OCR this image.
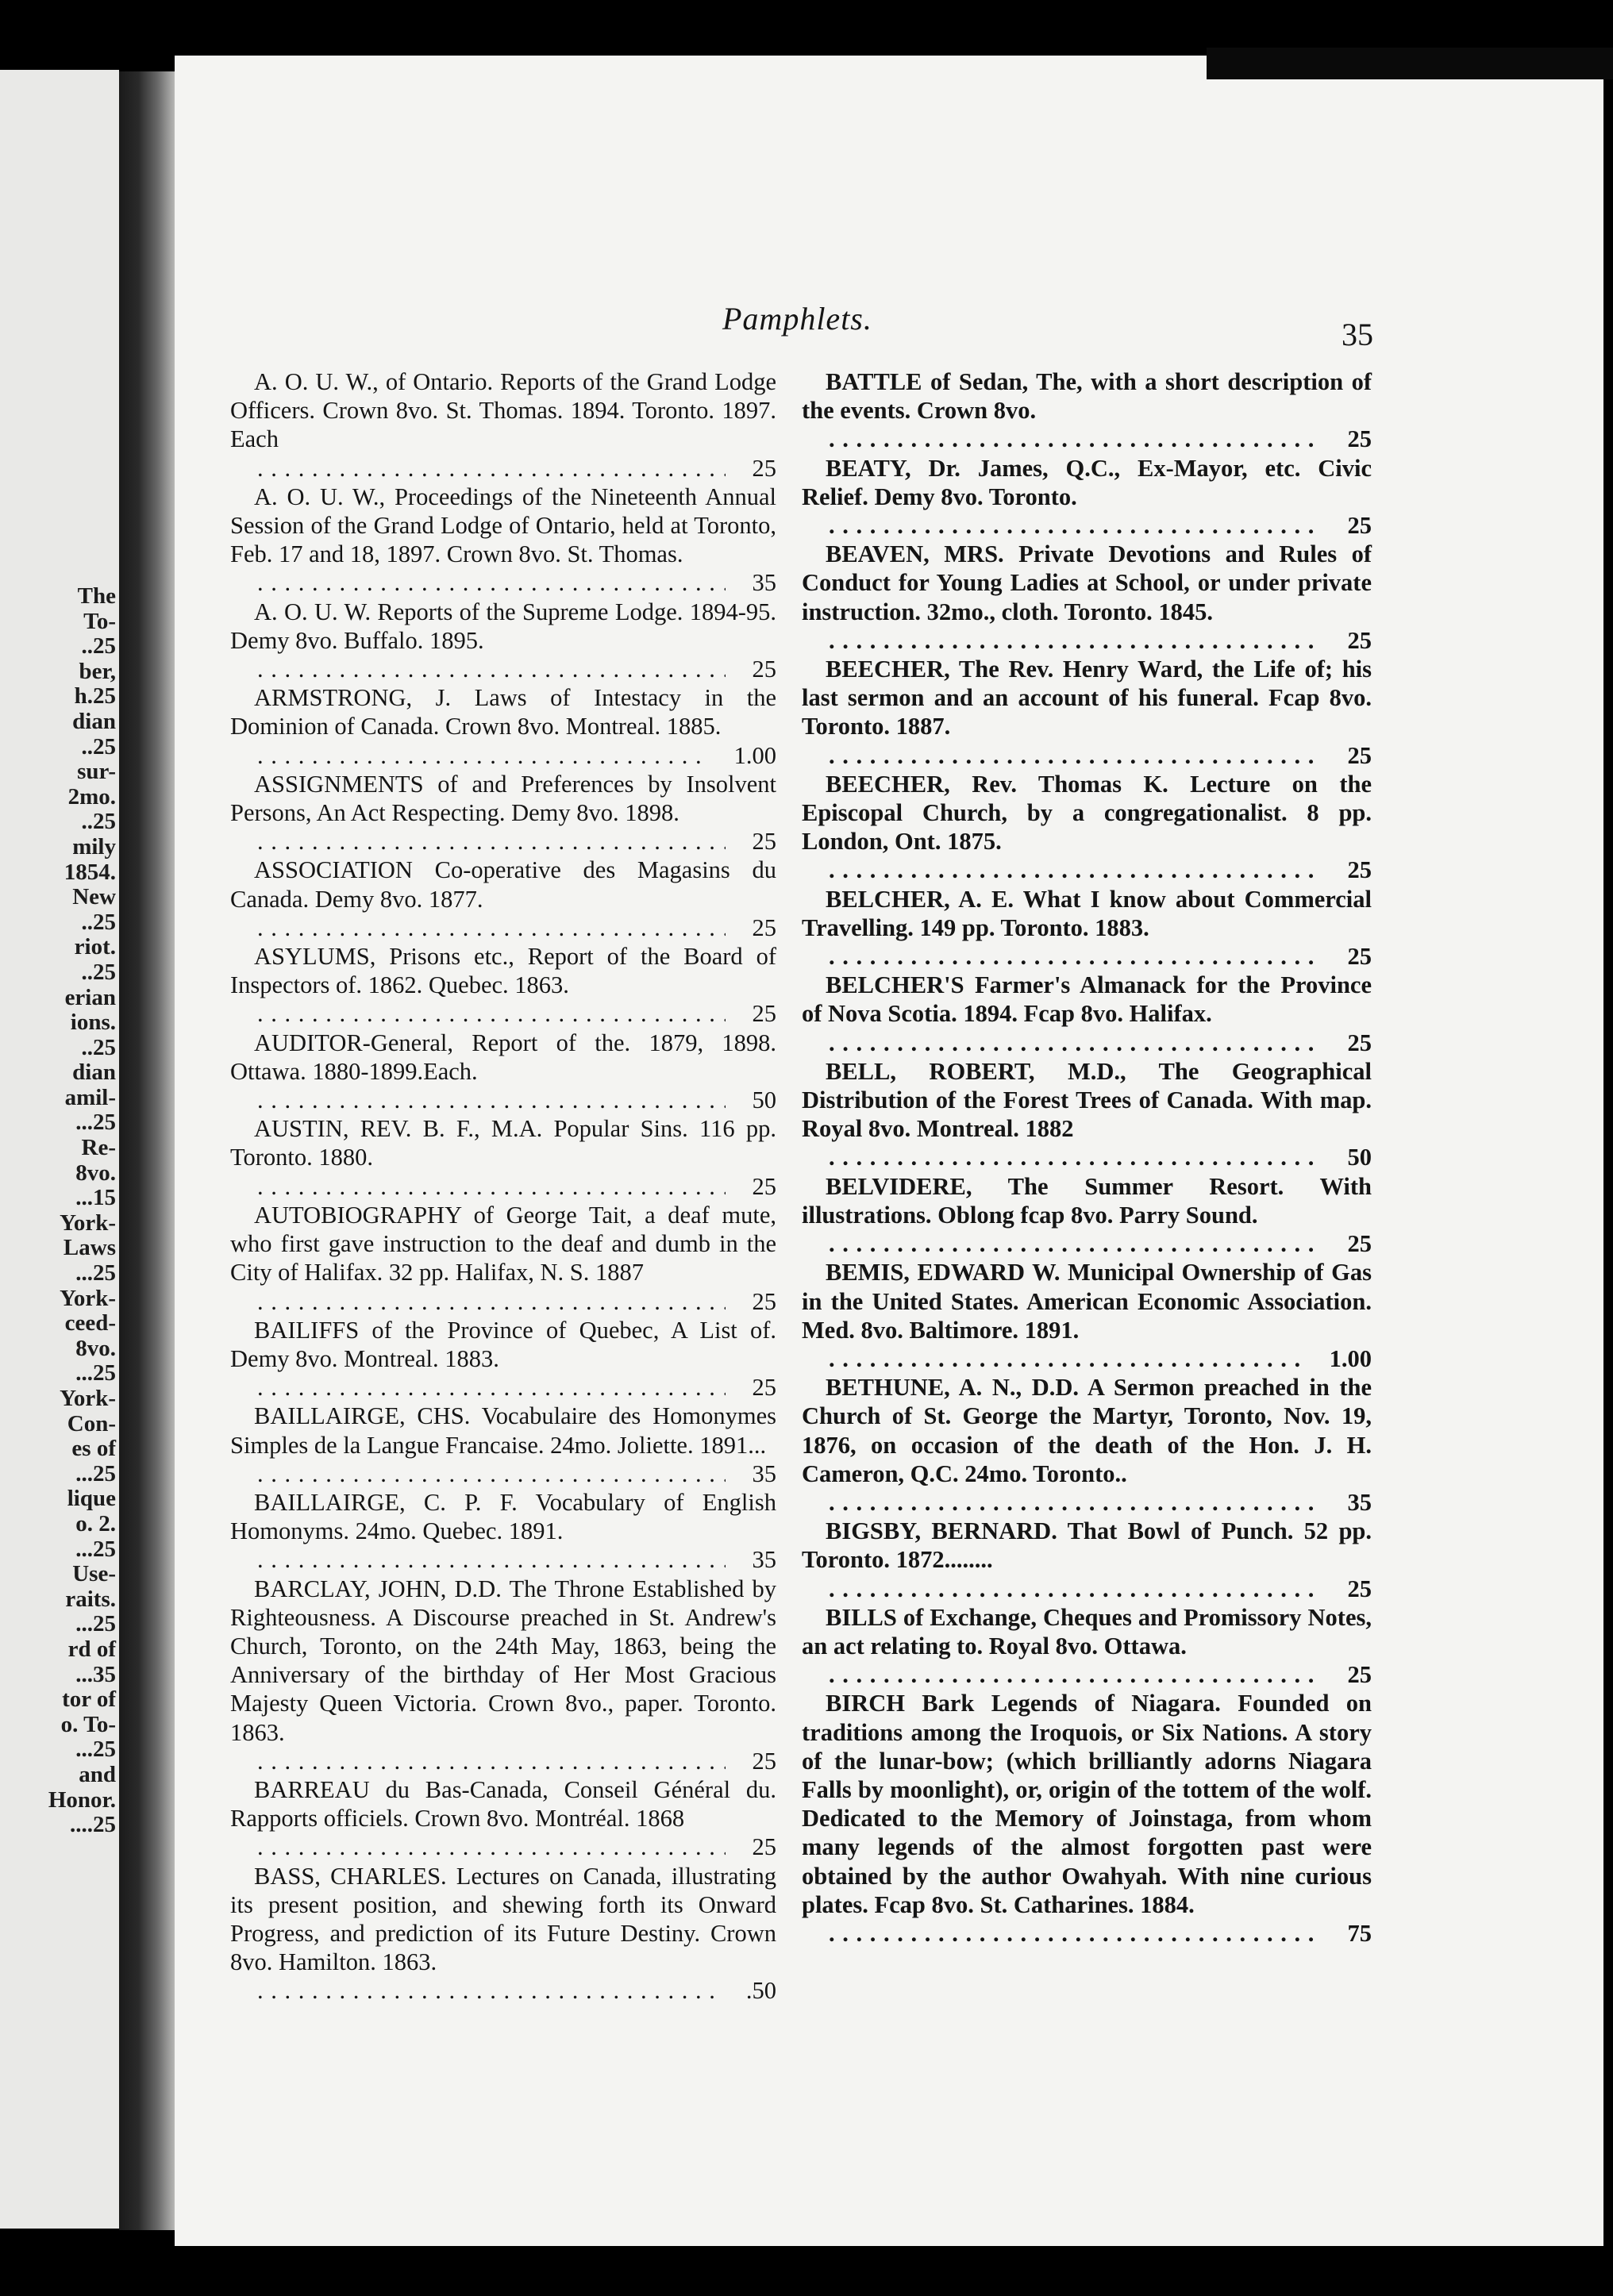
The
To-
..25
ber,
h.25
dian
..25
sur-
2mo.
..25
mily
1854.
New
..25
riot.
..25
erian
ions.
..25
dian
amil-
...25
Re-
8vo.
...15
York-
Laws
...25
York-
ceed-
8vo.
...25
York-
Con-
es of
...25
lique
o. 2.
...25
Use-
raits.
...25
rd of
...35
tor of
o. To-
...25
and
Honor.
....25
Pamphlets.	35
A. O. U. W., of Ontario. Reports of the Grand Lodge Officers. Crown 8vo. St. Thomas. 1894. Toronto. 1897. Each
. . .
25
A. O. U. W., Proceedings of the Nineteenth Annual Session of the Grand Lodge of Ontario, held at Toronto, Feb. 17 and 18, 1897. Crown 8vo. St. Thomas.
. . .
35
A. O. U. W. Reports of the Supreme Lodge. 1894-95. Demy 8vo. Buffalo. 1895.
. . .
25
ARMSTRONG, J. Laws of Intestacy in the Dominion of Canada. Crown 8vo. Montreal. 1885.
. . .
1.00
ASSIGNMENTS of and Preferences by Insolvent Persons, An Act Respecting. Demy 8vo. 1898.
. . .
25
ASSOCIATION Co-operative des Magasins du Canada. Demy 8vo. 1877.
. . .
25
ASYLUMS, Prisons etc., Report of the Board of Inspectors of. 1862. Quebec. 1863.
. . .
25
AUDITOR-General, Report of the. 1879, 1898. Ottawa. 1880-1899.Each.
. . .
50
AUSTIN, REV. B. F., M.A. Popular Sins. 116 pp. Toronto. 1880.
. . .
25
AUTOBIOGRAPHY of George Tait, a deaf mute, who first gave instruction to the deaf and dumb in the City of Halifax. 32 pp. Halifax, N. S. 1887
. . .
25
BAILIFFS of the Province of Quebec, A List of. Demy 8vo. Montreal. 1883.
. . .
25
BAILLAIRGE, CHS. Vocabulaire des Homonymes Simples de la Langue Francaise. 24mo. Joliette. 1891...
. . .
35
BAILLAIRGE, C. P. F. Vocabulary of English Homonyms. 24mo. Quebec. 1891.
. . .
35
BARCLAY, JOHN, D.D. The Throne Established by Righteousness. A Discourse preached in St. Andrew's Church, Toronto, on the 24th May, 1863, being the Anniversary of the birthday of Her Most Gracious Majesty Queen Victoria. Crown 8vo., paper. Toronto. 1863.
. . .
25
BARREAU du Bas-Canada, Conseil Général du. Rapports officiels. Crown 8vo. Montréal. 1868
. . .
25
BASS, CHARLES. Lectures on Canada, illustrating its present position, and shewing forth its Onward Progress, and prediction of its Future Destiny. Crown 8vo. Hamilton. 1863.
. . .
.50
BATTLE of Sedan, The, with a short description of the events. Crown 8vo.
. . .
25
BEATY, Dr. James, Q.C., Ex-Mayor, etc. Civic Relief. Demy 8vo. Toronto.
. . .
25
BEAVEN, MRS. Private Devotions and Rules of Conduct for Young Ladies at School, or under private instruction. 32mo., cloth. Toronto. 1845.
. . .
25
BEECHER, The Rev. Henry Ward, the Life of; his last sermon and an account of his funeral. Fcap 8vo. Toronto. 1887.
. . .
25
BEECHER, Rev. Thomas K. Lecture on the Episcopal Church, by a congregationalist. 8 pp. London, Ont. 1875.
. . .
25
BELCHER, A. E. What I know about Commercial Travelling. 149 pp. Toronto. 1883.
. . .
25
BELCHER'S Farmer's Almanack for the Province of Nova Scotia. 1894. Fcap 8vo. Halifax.
. . .
25
BELL, ROBERT, M.D., The Geographical Distribution of the Forest Trees of Canada. With map. Royal 8vo. Montreal. 1882
. . .
50
BELVIDERE, The Summer Resort. With illustrations. Oblong fcap 8vo. Parry Sound.
. . .
25
BEMIS, EDWARD W. Municipal Ownership of Gas in the United States. American Economic Association. Med. 8vo. Baltimore. 1891.
. . .
1.00
BETHUNE, A. N., D.D. A Sermon preached in the Church of St. George the Martyr, Toronto, Nov. 19, 1876, on occasion of the death of the Hon. J. H. Cameron, Q.C. 24mo. Toronto..
. . .
35
BIGSBY, BERNARD. That Bowl of Punch. 52 pp. Toronto. 1872........
. . .
25
BILLS of Exchange, Cheques and Promissory Notes, an act relating to. Royal 8vo. Ottawa.
. . .
25
BIRCH Bark Legends of Niagara. Founded on traditions among the Iroquois, or Six Nations. A story of the lunar-bow; (which brilliantly adorns Niagara Falls by moonlight), or, origin of the tottem of the wolf. Dedicated to the Memory of Joinstaga, from whom many legends of the almost forgotten past were obtained by the author Owahyah. With nine curious plates. Fcap 8vo. St. Catharines. 1884.
. . .
75
